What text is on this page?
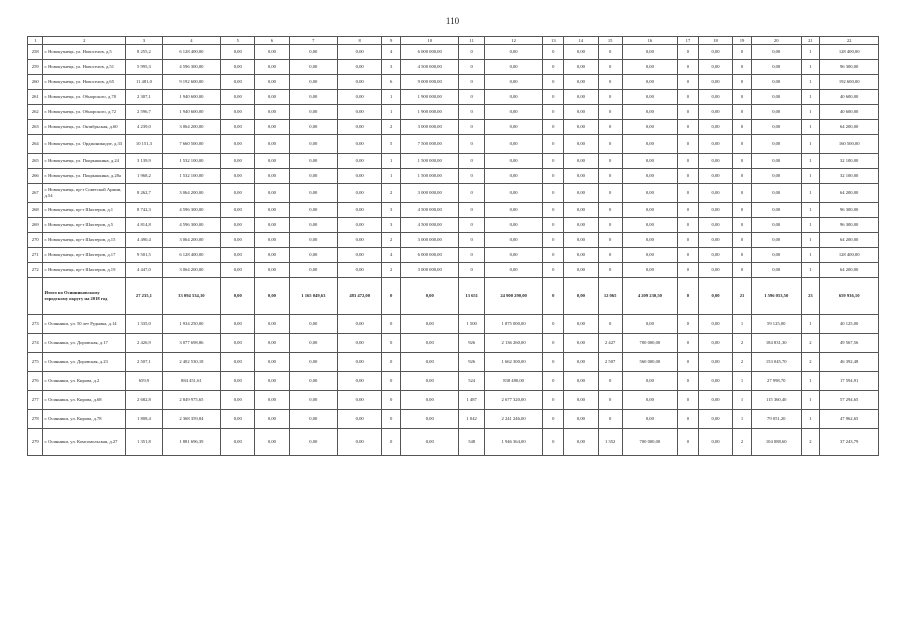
110
1	2	3	4	5	6	7	8	9	10	11	12	13	14	15	16	17	18	19	20	21	22
258	г. Новокузнецк, ул. Новоселов, д.5	8 255,2	6 128 400,00	0,00	0,00	0,00	0,00	4	6 000 000,00	0	0,00	0	0,00	0	0,00	0	0,00	0	0,00	1	128 400,00
259	г. Новокузнецк, ул. Новоселов, д.51	5 995,3	4 596 300,00	0,00	0,00	0,00	0,00	3	4 500 000,00	0	0,00	0	0,00	0	0,00	0	0,00	0	0,00	1	96 300,00
260	г. Новокузнецк, ул. Новоселов, д.65	11 481,0	9 192 600,00	0,00	0,00	0,00	0,00	6	9 000 000,00	0	0,00	0	0,00	0	0,00	0	0,00	0	0,00	1	192 600,00
261	г. Новокузнецк, ул. Обнорского, д.70	2 307,1	1 940 600,00	0,00	0,00	0,00	0,00	1	1 900 000,00	0	0,00	0	0,00	0	0,00	0	0,00	0	0,00	1	40 600,00
262	г. Новокузнецк, ул. Обнорского, д.72	2 596,7	1 940 600,00	0,00	0,00	0,00	0,00	1	1 900 000,00	0	0,00	0	0,00	0	0,00	0	0,00	0	0,00	1	40 600,00
263	г. Новокузнецк, ул. Октябрьская, д.60	4 239,0	3 064 200,00	0,00	0,00	0,00	0,00	2	3 000 000,00	0	0,00	0	0,00	0	0,00	0	0,00	0	0,00	1	64 200,00
264	г. Новокузнецк, ул. Орджоникидзе, д.33	10 151,3	7 660 500,00	0,00	0,00	0,00	0,00	5	7 500 000,00	0	0,00	0	0,00	0	0,00	0	0,00	0	0,00	1	160 500,00
265	г. Новокузнецк, ул. Покрышкина, д.24	3 139,9	1 532 100,00	0,00	0,00	0,00	0,00	1	1 500 000,00	0	0,00	0	0,00	0	0,00	0	0,00	0	0,00	1	32 100,00
266	г. Новокузнецк, ул. Покрышкина, д.28а	1 968,2	1 532 100,00	0,00	0,00	0,00	0,00	1	1 500 000,00	0	0,00	0	0,00	0	0,00	0	0,00	0	0,00	1	32 100,00
267	г. Новокузнецк, пр-т Советской Армии, д.54	8 262,7	3 064 200,00	0,00	0,00	0,00	0,00	2	3 000 000,00	0	0,00	0	0,00	0	0,00	0	0,00	0	0,00	1	64 200,00
268	г. Новокузнецк, пр-т Шахтеров, д.1	8 742,3	4 596 300,00	0,00	0,00	0,00	0,00	3	4 500 000,00	0	0,00	0	0,00	0	0,00	0	0,00	0	0,00	1	96 300,00
269	г. Новокузнецк, пр-т Шахтеров, д.5	4 814,8	4 596 300,00	0,00	0,00	0,00	0,00	3	4 500 000,00	0	0,00	0	0,00	0	0,00	0	0,00	0	0,00	1	96 300,00
270	г. Новокузнецк, пр-т Шахтеров, д.15	4 490,4	3 064 200,00	0,00	0,00	0,00	0,00	2	3 000 000,00	0	0,00	0	0,00	0	0,00	0	0,00	0	0,00	1	64 200,00
271	г. Новокузнецк, пр-т Шахтеров, д.17	9 501,5	6 128 400,00	0,00	0,00	0,00	0,00	4	6 000 000,00	0	0,00	0	0,00	0	0,00	0	0,00	0	0,00	1	128 400,00
272	г. Новокузнецк, пр-т Шахтеров, д.19	4 447,0	3 064 200,00	0,00	0,00	0,00	0,00	2	3 000 000,00	0	0,00	0	0,00	0	0,00	0	0,00	0	0,00	1	64 200,00
	Итого по Осинниковскому городскому округу на 2018 год	27 235,1	33 094 534,10	0,00	0,00	1 165 049,63	483 472,00	0	0,00	13 651	24 900 290,00	0	0,00	12 065	4 209 230,50	0	0,00	21	1 596 053,50	23	659 936,10
273	г. Осинники, ул. 50 лет Рудника, д.14	1 335,0	1 934 250,00	0,00	0,00	0,00	0,00	0	0,00	1 500	1 875 000,00	0	0,00	0	0,00	0	0,00	1	59 125,00	1	40 125,00
274	г. Осинники, ул. Доровская, д.17	2 426,9	3 077 698,86	0,00	0,00	0,00	0,00	0	0,00	926	2 136 260,00	0	0,00	2 427	700 000,00	0	0,00	2	184 831,30	2	49 567,56
275	г. Осинники, ул. Доровская, д.23	2 507,1	2 402 530,18	0,00	0,00	0,00	0,00	0	0,00	926	1 662 300,00	0	0,00	2 507	560 000,00	0	0,00	2	153 045,70	2	46 392,48
276	г. Осинники, ул. Кирова, д.2	659,9	884 451,61	0,00	0,00	0,00	0,00	0	0,00	524	838 480,00	0	0,00	0	0,00	0	0,00	1	27 998,70	1	17 594,91
277	г. Осинники, ул. Кирова, д.68	2 682,8	2 849 975,65	0,00	0,00	0,00	0,00	0	0,00	1 487	2 677 320,00	0	0,00	0	0,00	0	0,00	1	115 360,40	1	57 294,65
278	г. Осинники, ул. Кирова, д.78	1 808,4	2 368 359,84	0,00	0,00	0,00	0,00	0	0,00	1 042	2 241 246,00	0	0,00	0	0,00	0	0,00	1	79 051,20	1	47 962,65
279	г. Осинники, ул. Комсомольская, д.27	1 351,8	1 881 696,39	0,00	0,00	0,00	0,00	0	0,00	548	1 946 364,00	0	0,00	1 352	700 000,00	0	0,00	2	104 088,60	2	37 243,79
